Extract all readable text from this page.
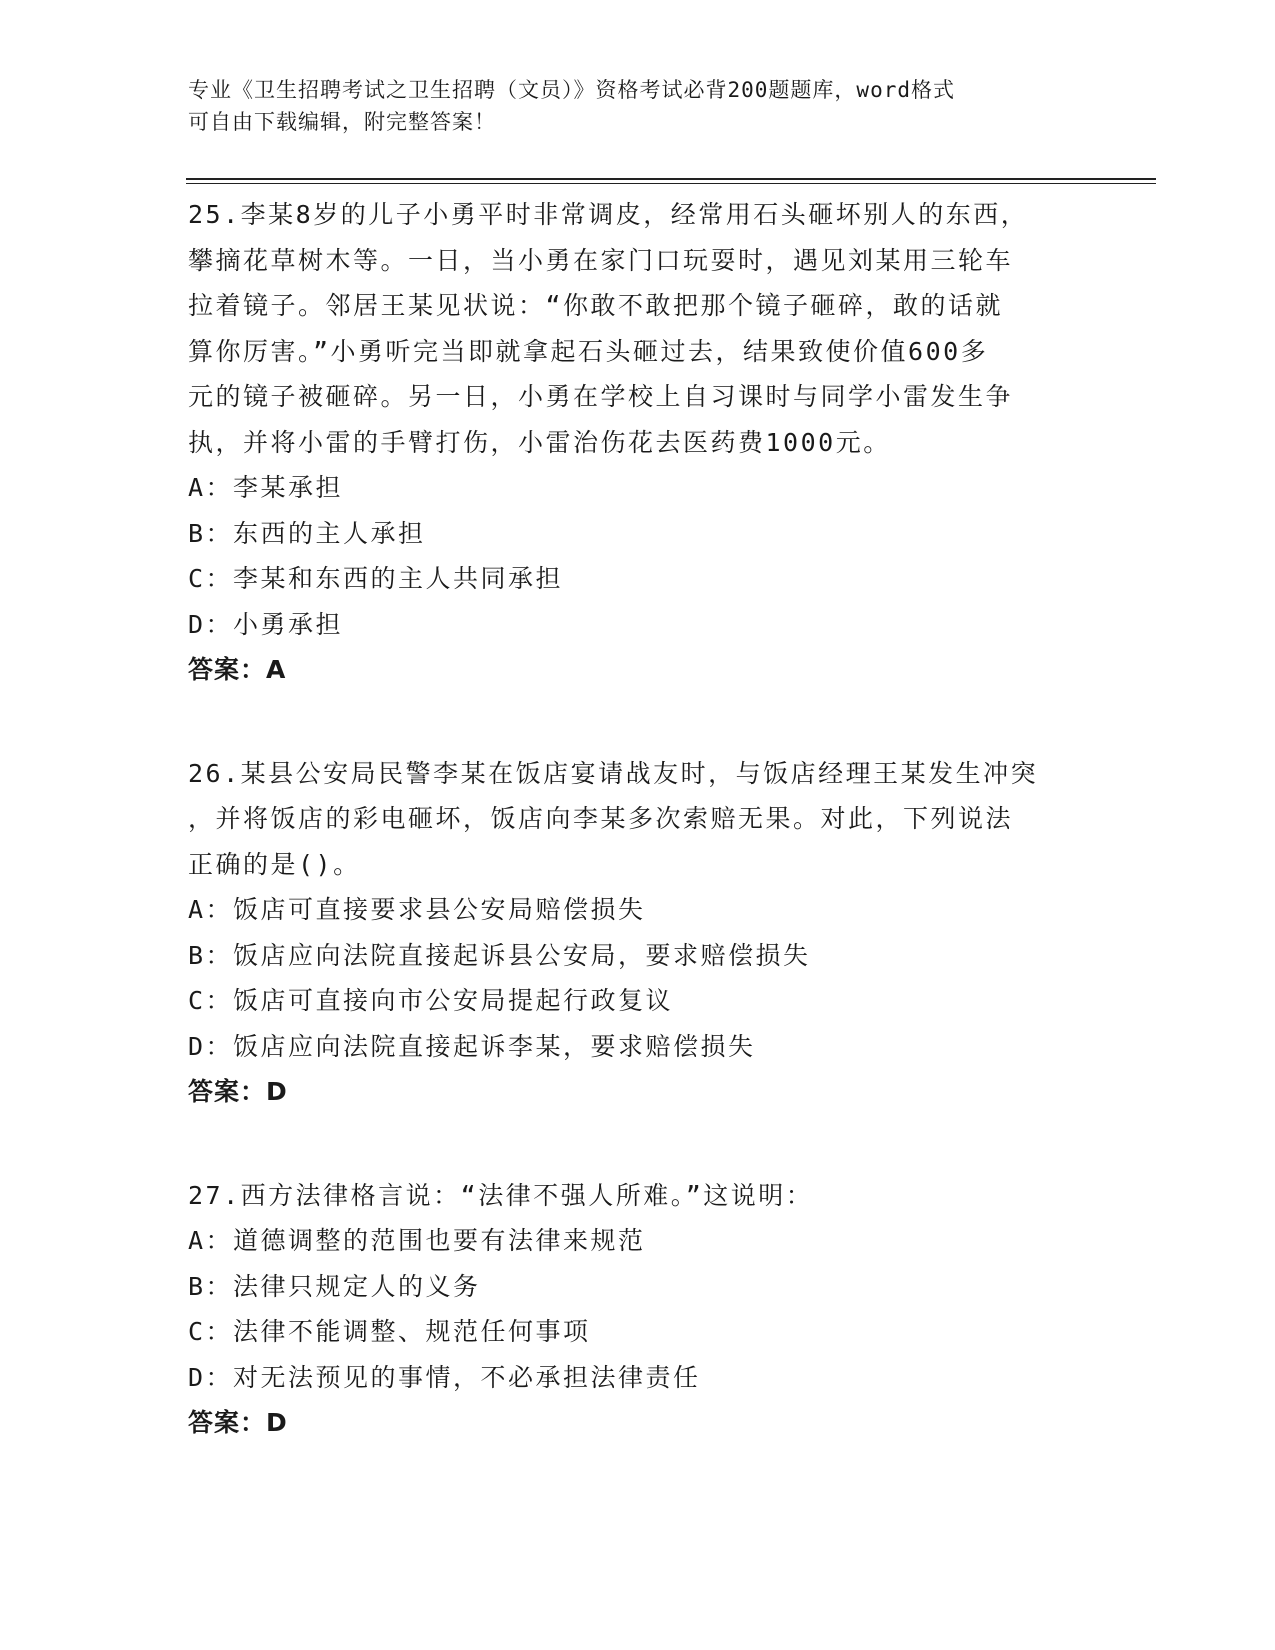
专业《卫生招聘考试之卫生招聘（文员）》资格考试必背200题题库，word格式
可自由下载编辑，附完整答案！
25.李某8岁的儿子小勇平时非常调皮，经常用石头砸坏别人的东西，
攀摘花草树木等。一日，当小勇在家门口玩耍时，遇见刘某用三轮车
拉着镜子。邻居王某见状说：“你敢不敢把那个镜子砸碎，敢的话就
算你厉害。”小勇听完当即就拿起石头砸过去，结果致使价值600多
元的镜子被砸碎。另一日，小勇在学校上自习课时与同学小雷发生争
执，并将小雷的手臂打伤，小雷治伤花去医药费1000元。
A：李某承担
B：东西的主人承担
C：李某和东西的主人共同承担
D：小勇承担
答案：A
26.某县公安局民警李某在饭店宴请战友时，与饭店经理王某发生冲突
，并将饭店的彩电砸坏，饭店向李某多次索赔无果。对此，下列说法
正确的是()。
A：饭店可直接要求县公安局赔偿损失
B：饭店应向法院直接起诉县公安局，要求赔偿损失
C：饭店可直接向市公安局提起行政复议
D：饭店应向法院直接起诉李某，要求赔偿损失
答案：D
27.西方法律格言说：“法律不强人所难。”这说明：
A：道德调整的范围也要有法律来规范
B：法律只规定人的义务
C：法律不能调整、规范任何事项
D：对无法预见的事情，不必承担法律责任
答案：D
